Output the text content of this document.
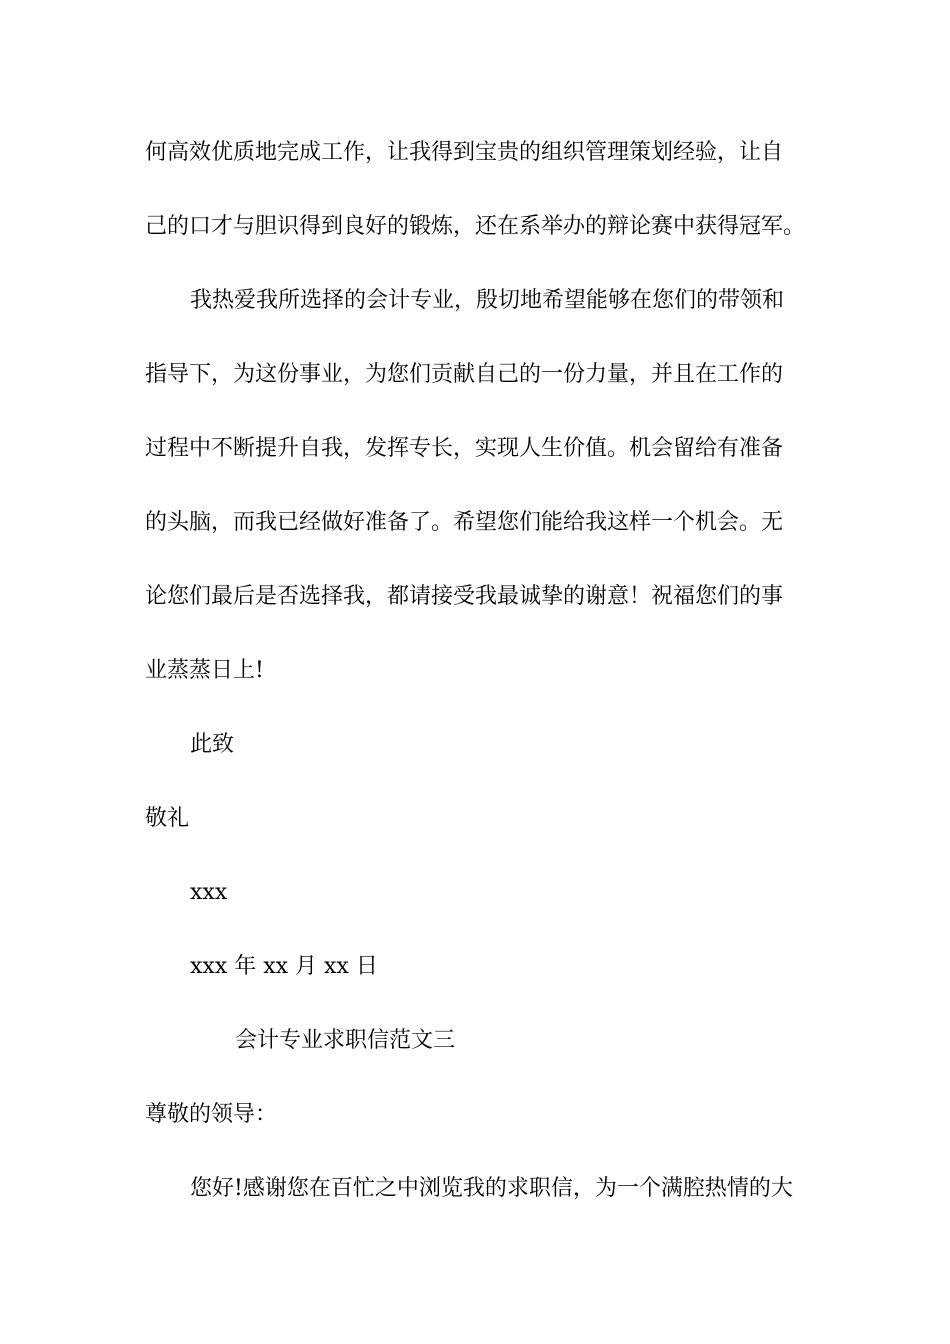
何高效优质地完成工作，让我得到宝贵的组织管理策划经验，让自
己的口才与胆识得到良好的锻炼，还在系举办的辩论赛中获得冠军。
我热爱我所选择的会计专业，殷切地希望能够在您们的带领和
指导下，为这份事业，为您们贡献自己的一份力量，并且在工作的
过程中不断提升自我，发挥专长，实现人生价值。机会留给有准备
的头脑，而我已经做好准备了。希望您们能给我这样一个机会。无
论您们最后是否选择我，都请接受我最诚挚的谢意！祝福您们的事
业蒸蒸日上!
此致
敬礼
xxx
xxx 年 xx 月 xx 日
会计专业求职信范文三
尊敬的领导：
您好!感谢您在百忙之中浏览我的求职信，为一个满腔热情的大
